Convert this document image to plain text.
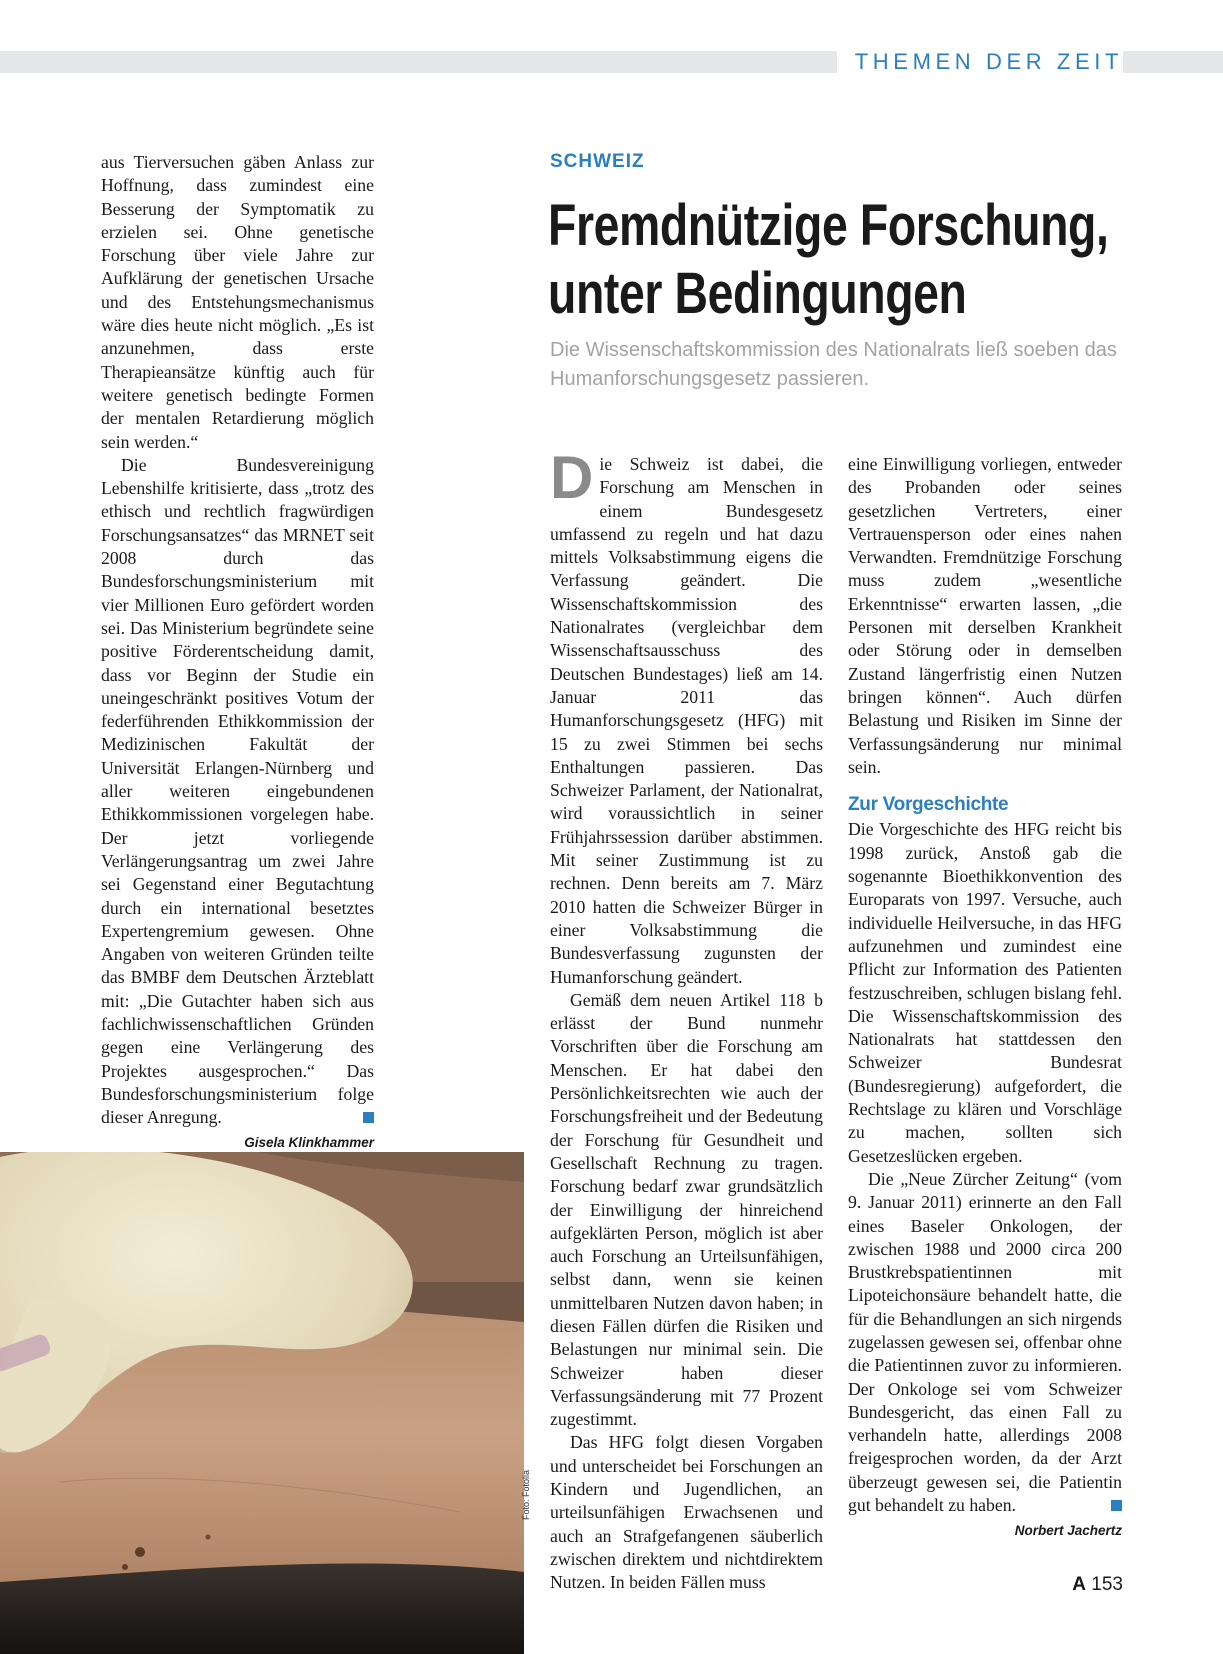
THEMEN DER ZEIT

aus Tierversuchen gäben Anlass zur Hoffnung, dass zumindest eine Besserung der Symptomatik zu erzielen sei. Ohne genetische Forschung über viele Jahre zur Aufklärung der genetischen Ursache und des Entstehungsmechanismus wäre dies heute nicht möglich. „Es ist anzunehmen, dass erste Therapieansätze künftig auch für weitere genetisch bedingte Formen der mentalen Retardierung möglich sein werden.“

Die Bundesvereinigung Lebenshilfe kritisierte, dass „trotz des ethisch und rechtlich fragwürdigen Forschungsansatzes“ das MRNET seit 2008 durch das Bundesforschungsministerium mit vier Millionen Euro gefördert worden sei. Das Ministerium begründete seine positive Förderentscheidung damit, dass vor Beginn der Studie ein uneingeschränkt positives Votum der federführenden Ethikkommission der Medizinischen Fakultät der Universität Erlangen-Nürnberg und aller weiteren eingebundenen Ethikkommissionen vorgelegen habe. Der jetzt vorliegende Verlängerungsantrag um zwei Jahre sei Gegenstand einer Begutachtung durch ein international besetztes Expertengremium gewesen. Ohne Angaben von weiteren Gründen teilte das BMBF dem Deutschen Ärzteblatt mit: „Die Gutachter haben sich aus fachlichwissenschaftlichen Gründen gegen eine Verlängerung des Projektes ausgesprochen.“ Das Bundesforschungsministerium folge dieser Anregung.

Gisela Klinkhammer
SCHWEIZ
Fremdnützige Forschung,
unter Bedingungen
Die Wissenschaftskommission des Nationalrats ließ soeben das Humanforschungsgesetz passieren.

Die Schweiz ist dabei, die Forschung am Menschen in einem Bundesgesetz umfassend zu regeln und hat dazu mittels Volksabstimmung eigens die Verfassung geändert. Die Wissenschaftskommission des Nationalrates (vergleichbar dem Wissenschaftsausschuss des Deutschen Bundestages) ließ am 14. Januar 2011 das Humanforschungsgesetz (HFG) mit 15 zu zwei Stimmen bei sechs Enthaltungen passieren. Das Schweizer Parlament, der Nationalrat, wird voraussichtlich in seiner Frühjahrssession darüber abstimmen. Mit seiner Zustimmung ist zu rechnen. Denn bereits am 7. März 2010 hatten die Schweizer Bürger in einer Volksabstimmung die Bundesverfassung zugunsten der Humanforschung geändert.

Gemäß dem neuen Artikel 118 b erlässt der Bund nunmehr Vorschriften über die Forschung am Menschen. Er hat dabei den Persönlichkeitsrechten wie auch der Forschungsfreiheit und der Bedeutung der Forschung für Gesundheit und Gesellschaft Rechnung zu tragen. Forschung bedarf zwar grundsätzlich der Einwilligung der hinreichend aufgeklärten Person, möglich ist aber auch Forschung an Urteilsunfähigen, selbst dann, wenn sie keinen unmittelbaren Nutzen davon haben; in diesen Fällen dürfen die Risiken und Belastungen nur minimal sein. Die Schweizer haben dieser Verfassungsänderung mit 77 Prozent zugestimmt.

Das HFG folgt diesen Vorgaben und unterscheidet bei Forschungen an Kindern und Jugendlichen, an urteilsunfähigen Erwachsenen und auch an Strafgefangenen säuberlich zwischen direktem und nichtdirektem Nutzen. In beiden Fällen muss

eine Einwilligung vorliegen, entweder des Probanden oder seines gesetzlichen Vertreters, einer Vertrauensperson oder eines nahen Verwandten. Fremdnützige Forschung muss zudem „wesentliche Erkenntnisse“ erwarten lassen, „die Personen mit derselben Krankheit oder Störung oder in demselben Zustand längerfristig einen Nutzen bringen können“. Auch dürfen Belastung und Risiken im Sinne der Verfassungsänderung nur minimal sein.

Zur Vorgeschichte

Die Vorgeschichte des HFG reicht bis 1998 zurück, Anstoß gab die sogenannte Bioethikkonvention des Europarats von 1997. Versuche, auch individuelle Heilversuche, in das HFG aufzunehmen und zumindest eine Pflicht zur Information des Patienten festzuschreiben, schlugen bislang fehl. Die Wissenschaftskommission des Nationalrats hat stattdessen den Schweizer Bundesrat (Bundesregierung) aufgefordert, die Rechtslage zu klären und Vorschläge zu machen, sollten sich Gesetzeslücken ergeben.

Die „Neue Zürcher Zeitung“ (vom 9. Januar 2011) erinnerte an den Fall eines Baseler Onkologen, der zwischen 1988 und 2000 circa 200 Brustkrebspatientinnen mit Lipoteichonsäure behandelt hatte, die für die Behandlungen an sich nirgends zugelassen gewesen sei, offenbar ohne die Patientinnen zuvor zu informieren. Der Onkologe sei vom Schweizer Bundesgericht, das einen Fall zu verhandeln hatte, allerdings 2008 freigesprochen worden, da der Arzt überzeugt gewesen sei, die Patientin gut behandelt zu haben.

Norbert Jachertz
Foto: Fotolia
A 153
